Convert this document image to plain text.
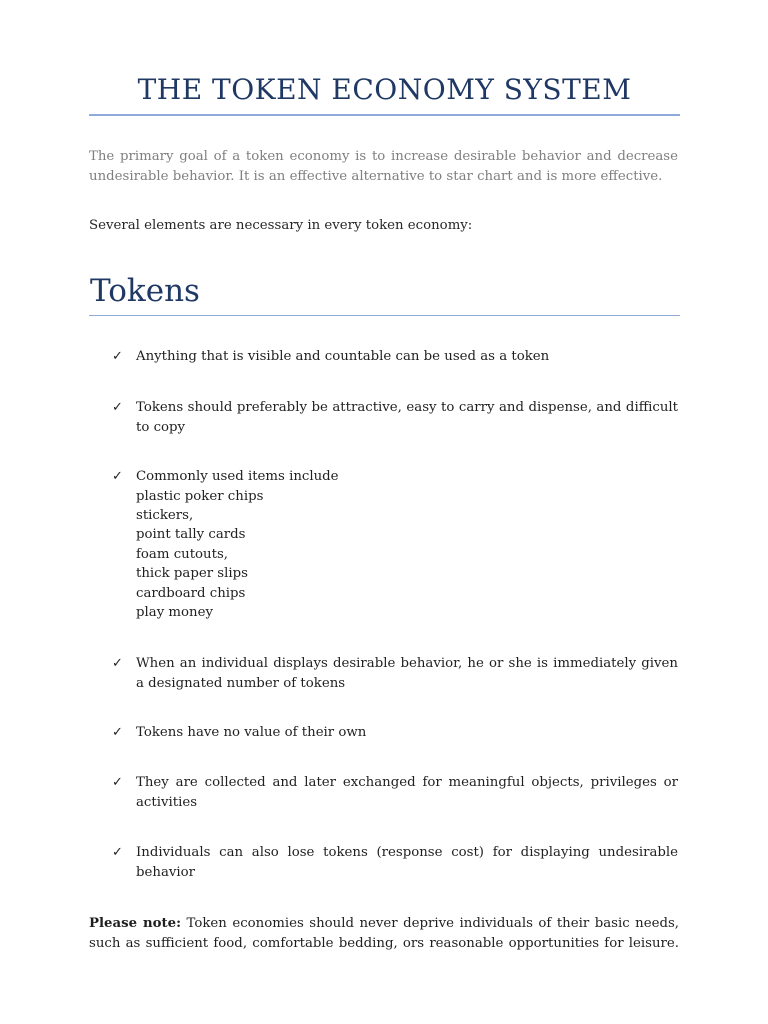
THE TOKEN ECONOMY SYSTEM
The primary goal of a token economy is to increase desirable behavior and decrease undesirable behavior. It is an effective alternative to star chart and is more effective.
Several elements are necessary in every token economy:
Tokens
✓ Anything that is visible and countable can be used as a token
✓ Tokens should preferably be attractive, easy to carry and dispense, and difficult to copy
✓ Commonly used items include
plastic poker chips
stickers,
point tally cards
foam cutouts,
thick paper slips
cardboard chips
play money
✓ When an individual displays desirable behavior, he or she is immediately given a designated number of tokens
✓ Tokens have no value of their own
✓ They are collected and later exchanged for meaningful objects, privileges or activities
✓ Individuals can also lose tokens (response cost) for displaying undesirable behavior
Please note: Token economies should never deprive individuals of their basic needs, such as sufficient food, comfortable bedding, ors reasonable opportunities for leisure.
